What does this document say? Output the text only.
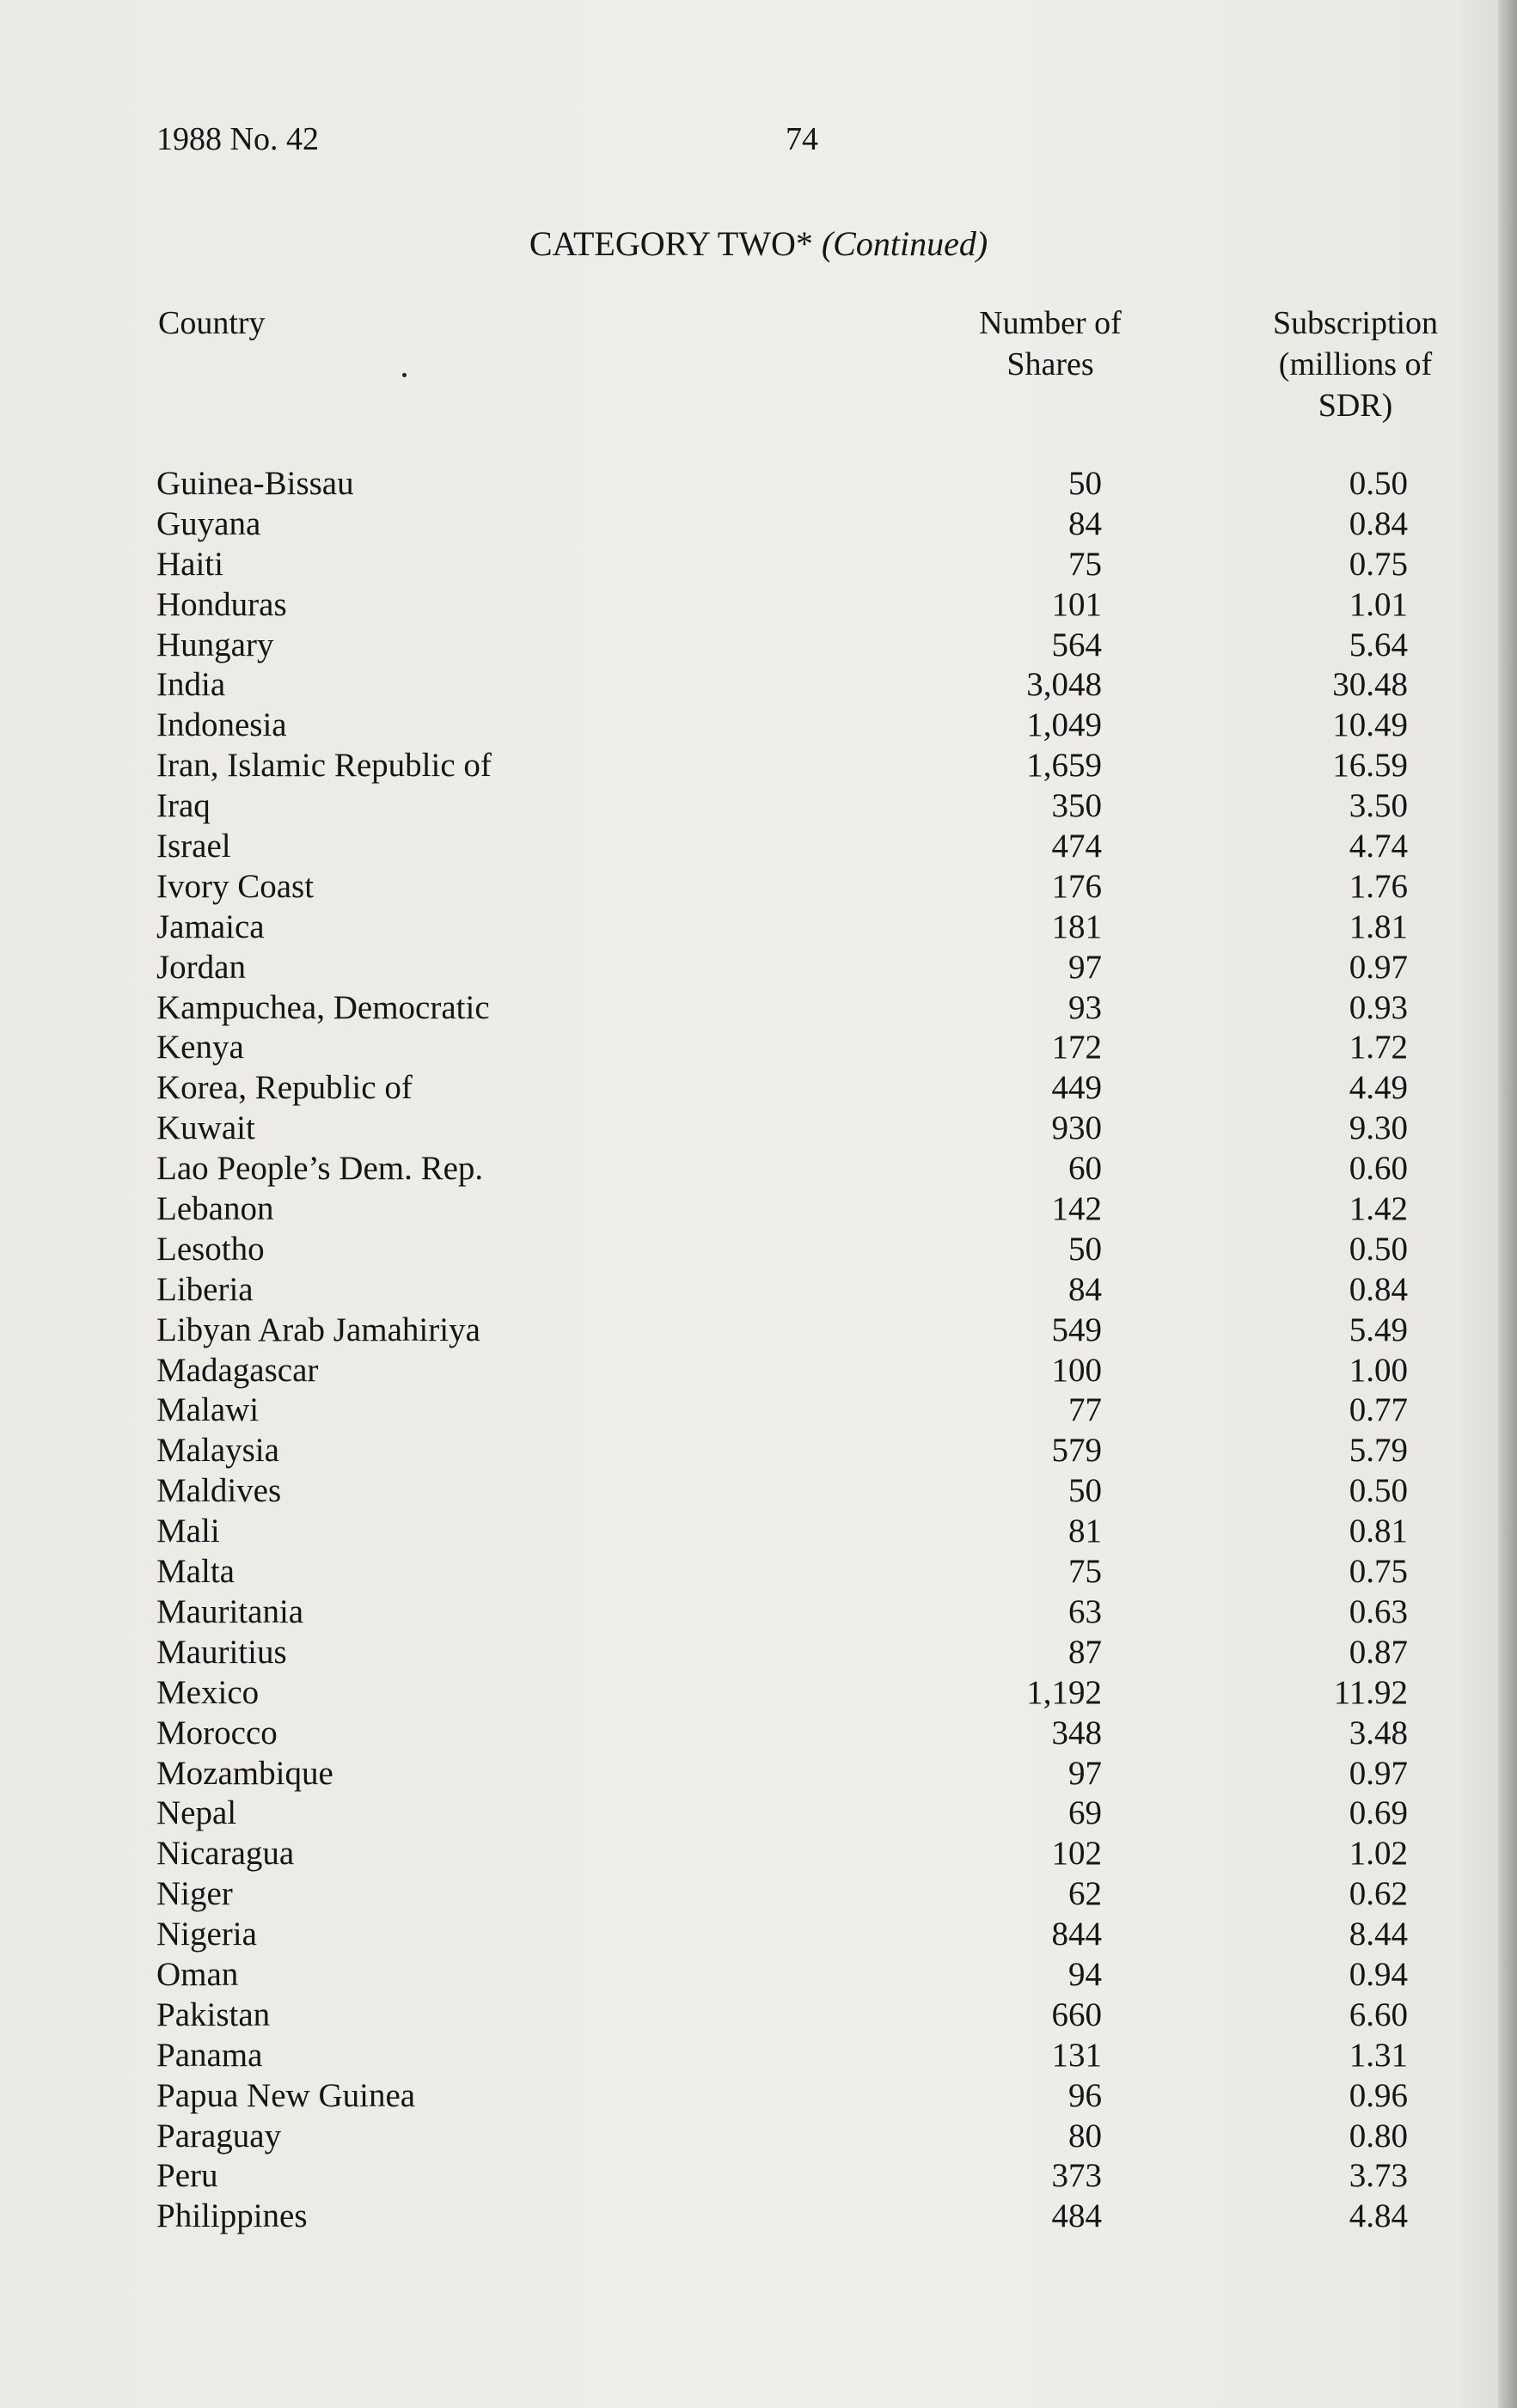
1988 No. 42	74
CATEGORY TWO* (Continued)
Country	Number of
Shares
Subscription
(millions of
SDR)
Guinea-Bissau	50	0.50
Guyana	84	0.84
Haiti	75	0.75
Honduras	101	1.01
Hungary	564	5.64
India	3,048	30.48
Indonesia	1,049	10.49
Iran, Islamic Republic of	1,659	16.59
Iraq	350	3.50
Israel	474	4.74
Ivory Coast	176	1.76
Jamaica	181	1.81
Jordan	97	0.97
Kampuchea, Democratic	93	0.93
Kenya	172	1.72
Korea, Republic of	449	4.49
Kuwait	930	9.30
Lao People’s Dem. Rep.	60	0.60
Lebanon	142	1.42
Lesotho	50	0.50
Liberia	84	0.84
Libyan Arab Jamahiriya	549	5.49
Madagascar	100	1.00
Malawi	77	0.77
Malaysia	579	5.79
Maldives	50	0.50
Mali	81	0.81
Malta	75	0.75
Mauritania	63	0.63
Mauritius	87	0.87
Mexico	1,192	11.92
Morocco	348	3.48
Mozambique	97	0.97
Nepal	69	0.69
Nicaragua	102	1.02
Niger	62	0.62
Nigeria	844	8.44
Oman	94	0.94
Pakistan	660	6.60
Panama	131	1.31
Papua New Guinea	96	0.96
Paraguay	80	0.80
Peru	373	3.73
Philippines	484	4.84
